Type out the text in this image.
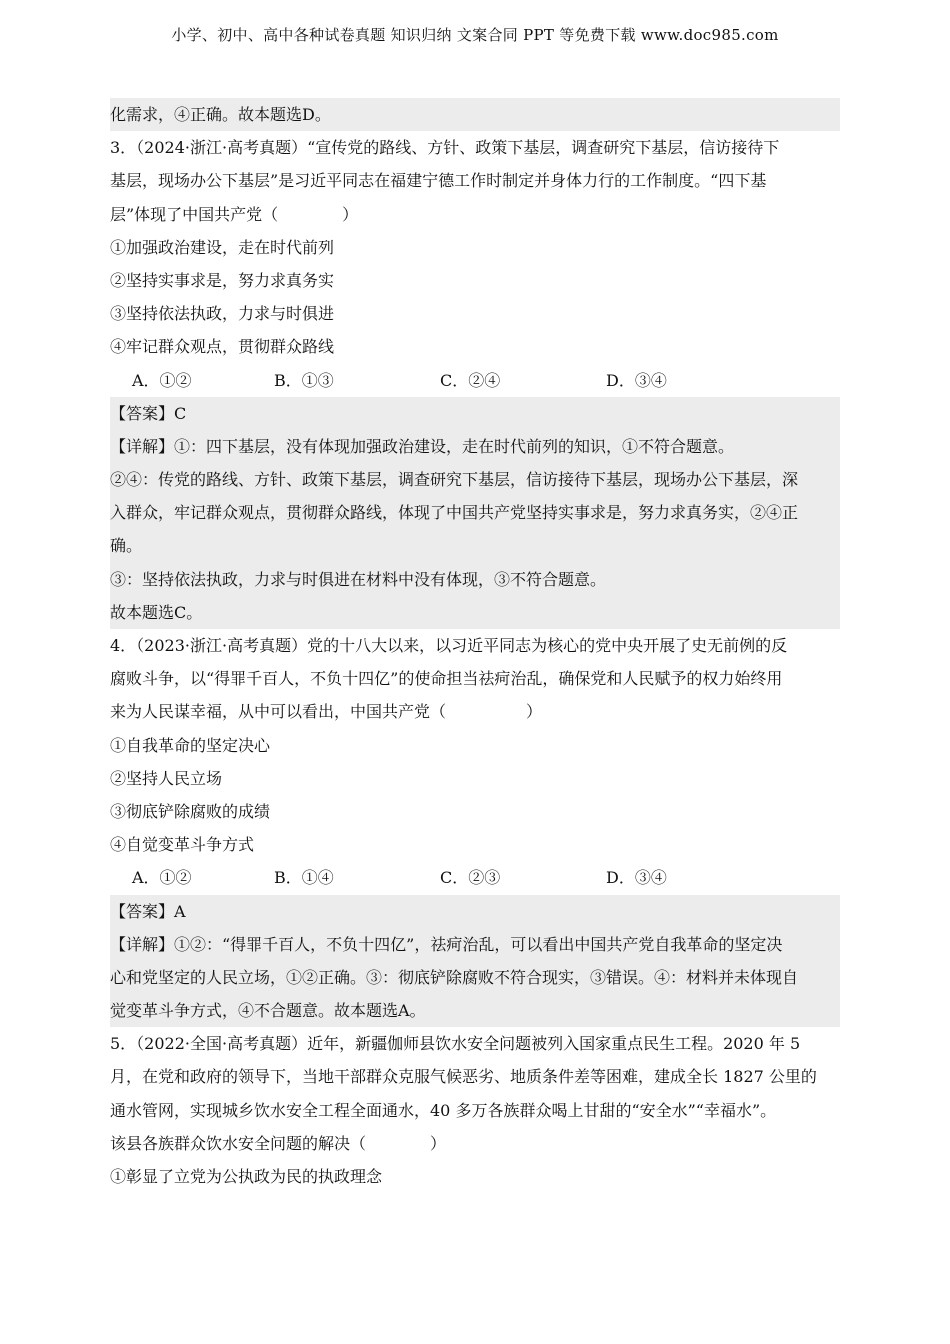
小学、初中、高中各种试卷真题 知识归纳 文案合同 PPT 等免费下载 www.doc985.com
化需求，④正确。故本题选D。
3．（2024·浙江·高考真题）“宣传党的路线、方针、政策下基层，调查研究下基层，信访接待下
基层，现场办公下基层”是习近平同志在福建宁德工作时制定并身体力行的工作制度。“四下基
层”体现了中国共产党（　　　　）
①加强政治建设，走在时代前列
②坚持实事求是，努力求真务实
③坚持依法执政，力求与时俱进
④牢记群众观点，贯彻群众路线
A．①②	B．①③	C．②④	D．③④
【答案】C
【详解】①：四下基层，没有体现加强政治建设，走在时代前列的知识，①不符合题意。
②④：传党的路线、方针、政策下基层，调查研究下基层，信访接待下基层，现场办公下基层，深
入群众，牢记群众观点，贯彻群众路线，体现了中国共产党坚持实事求是，努力求真务实，②④正
确。
③：坚持依法执政，力求与时俱进在材料中没有体现，③不符合题意。
故本题选C。
4．（2023·浙江·高考真题）党的十八大以来，以习近平同志为核心的党中央开展了史无前例的反
腐败斗争，以“得罪千百人，不负十四亿”的使命担当祛疴治乱，确保党和人民赋予的权力始终用
来为人民谋幸福，从中可以看出，中国共产党（　　　　　）
①自我革命的坚定决心
②坚持人民立场
③彻底铲除腐败的成绩
④自觉变革斗争方式
A．①②	B．①④	C．②③	D．③④
【答案】A
【详解】①②：“得罪千百人，不负十四亿”，祛疴治乱，可以看出中国共产党自我革命的坚定决
心和党坚定的人民立场，①②正确。③：彻底铲除腐败不符合现实，③错误。④：材料并未体现自
觉变革斗争方式，④不合题意。故本题选A。
5．（2022·全国·高考真题）近年，新疆伽师县饮水安全问题被列入国家重点民生工程。2020 年 5
月，在党和政府的领导下，当地干部群众克服气候恶劣、地质条件差等困难，建成全长 1827 公里的
通水管网，实现城乡饮水安全工程全面通水，40 多万各族群众喝上甘甜的“安全水”“幸福水”。
该县各族群众饮水安全问题的解决（　　　　）
①彰显了立党为公执政为民的执政理念
